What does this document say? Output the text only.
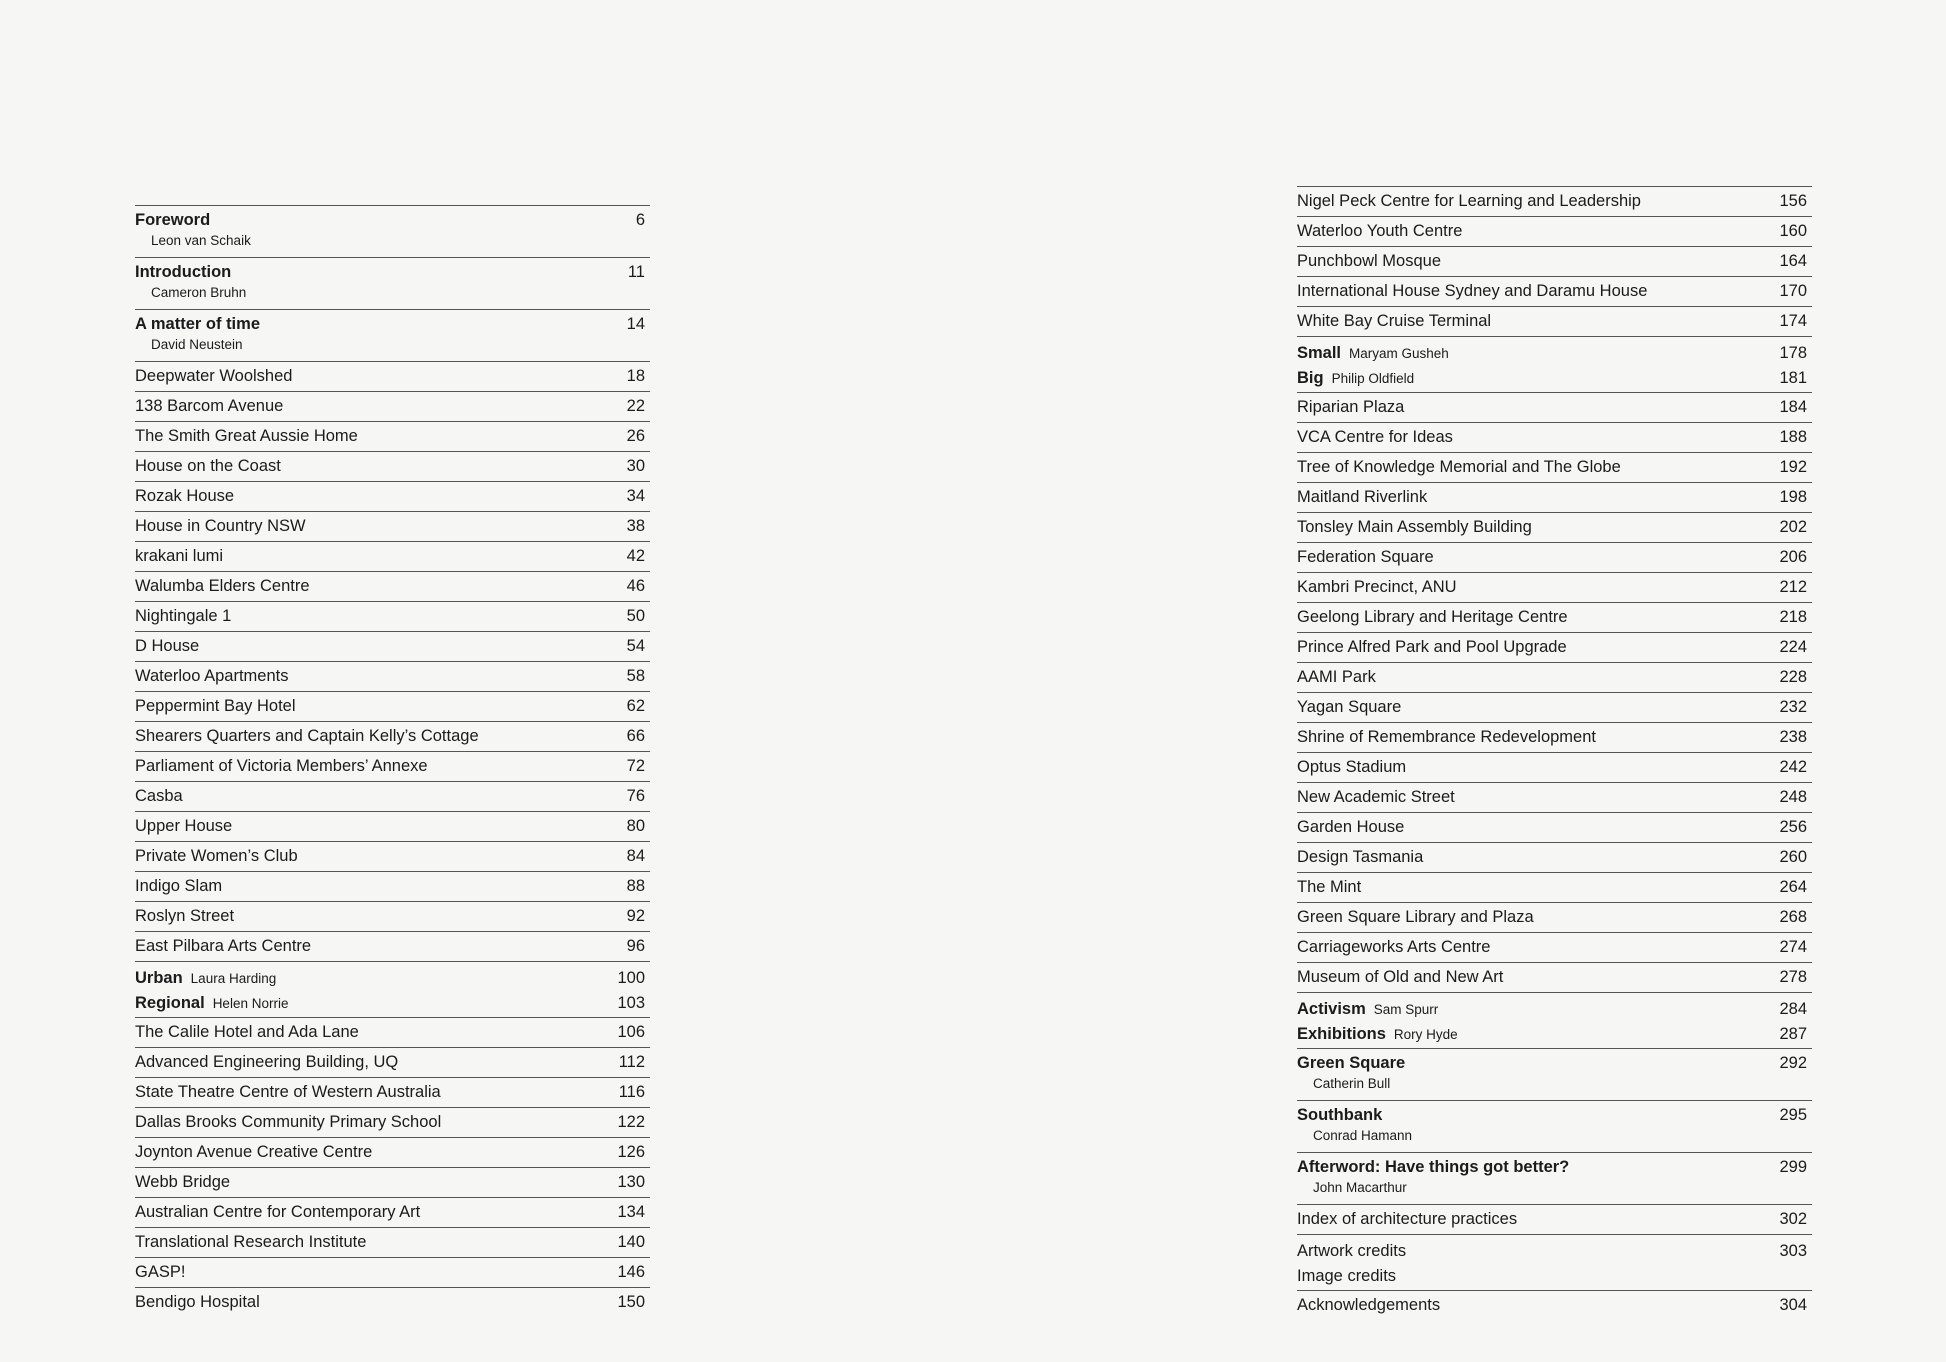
Foreword	6
Leon van Schaik
Introduction	11
Cameron Bruhn
A matter of time	14
David Neustein
Deepwater Woolshed	18
138 Barcom Avenue	22
The Smith Great Aussie Home	26
House on the Coast	30
Rozak House	34
House in Country NSW	38
krakani lumi	42
Walumba Elders Centre	46
Nightingale 1	50
D House	54
Waterloo Apartments	58
Peppermint Bay Hotel	62
Shearers Quarters and Captain Kelly’s Cottage	66
Parliament of Victoria Members’ Annexe	72
Casba	76
Upper House	80
Private Women’s Club	84
Indigo Slam	88
Roslyn Street	92
East Pilbara Arts Centre	96
Urban Laura Harding	100
Regional Helen Norrie	103
The Calile Hotel and Ada Lane	106
Advanced Engineering Building, UQ	112
State Theatre Centre of Western Australia	116
Dallas Brooks Community Primary School	122
Joynton Avenue Creative Centre	126
Webb Bridge	130
Australian Centre for Contemporary Art	134
Translational Research Institute	140
GASP!	146
Bendigo Hospital	150
Nigel Peck Centre for Learning and Leadership	156
Waterloo Youth Centre	160
Punchbowl Mosque	164
International House Sydney and Daramu House	170
White Bay Cruise Terminal	174
Small Maryam Gusheh	178
Big Philip Oldfield	181
Riparian Plaza	184
VCA Centre for Ideas	188
Tree of Knowledge Memorial and The Globe	192
Maitland Riverlink	198
Tonsley Main Assembly Building	202
Federation Square	206
Kambri Precinct, ANU	212
Geelong Library and Heritage Centre	218
Prince Alfred Park and Pool Upgrade	224
AAMI Park	228
Yagan Square	232
Shrine of Remembrance Redevelopment	238
Optus Stadium	242
New Academic Street	248
Garden House	256
Design Tasmania	260
The Mint	264
Green Square Library and Plaza	268
Carriageworks Arts Centre	274
Museum of Old and New Art	278
Activism Sam Spurr	284
Exhibitions Rory Hyde	287
Green Square	292
Catherin Bull
Southbank	295
Conrad Hamann
Afterword: Have things got better?	299
John Macarthur
Index of architecture practices	302
Artwork credits	303
Image credits
Acknowledgements	304
